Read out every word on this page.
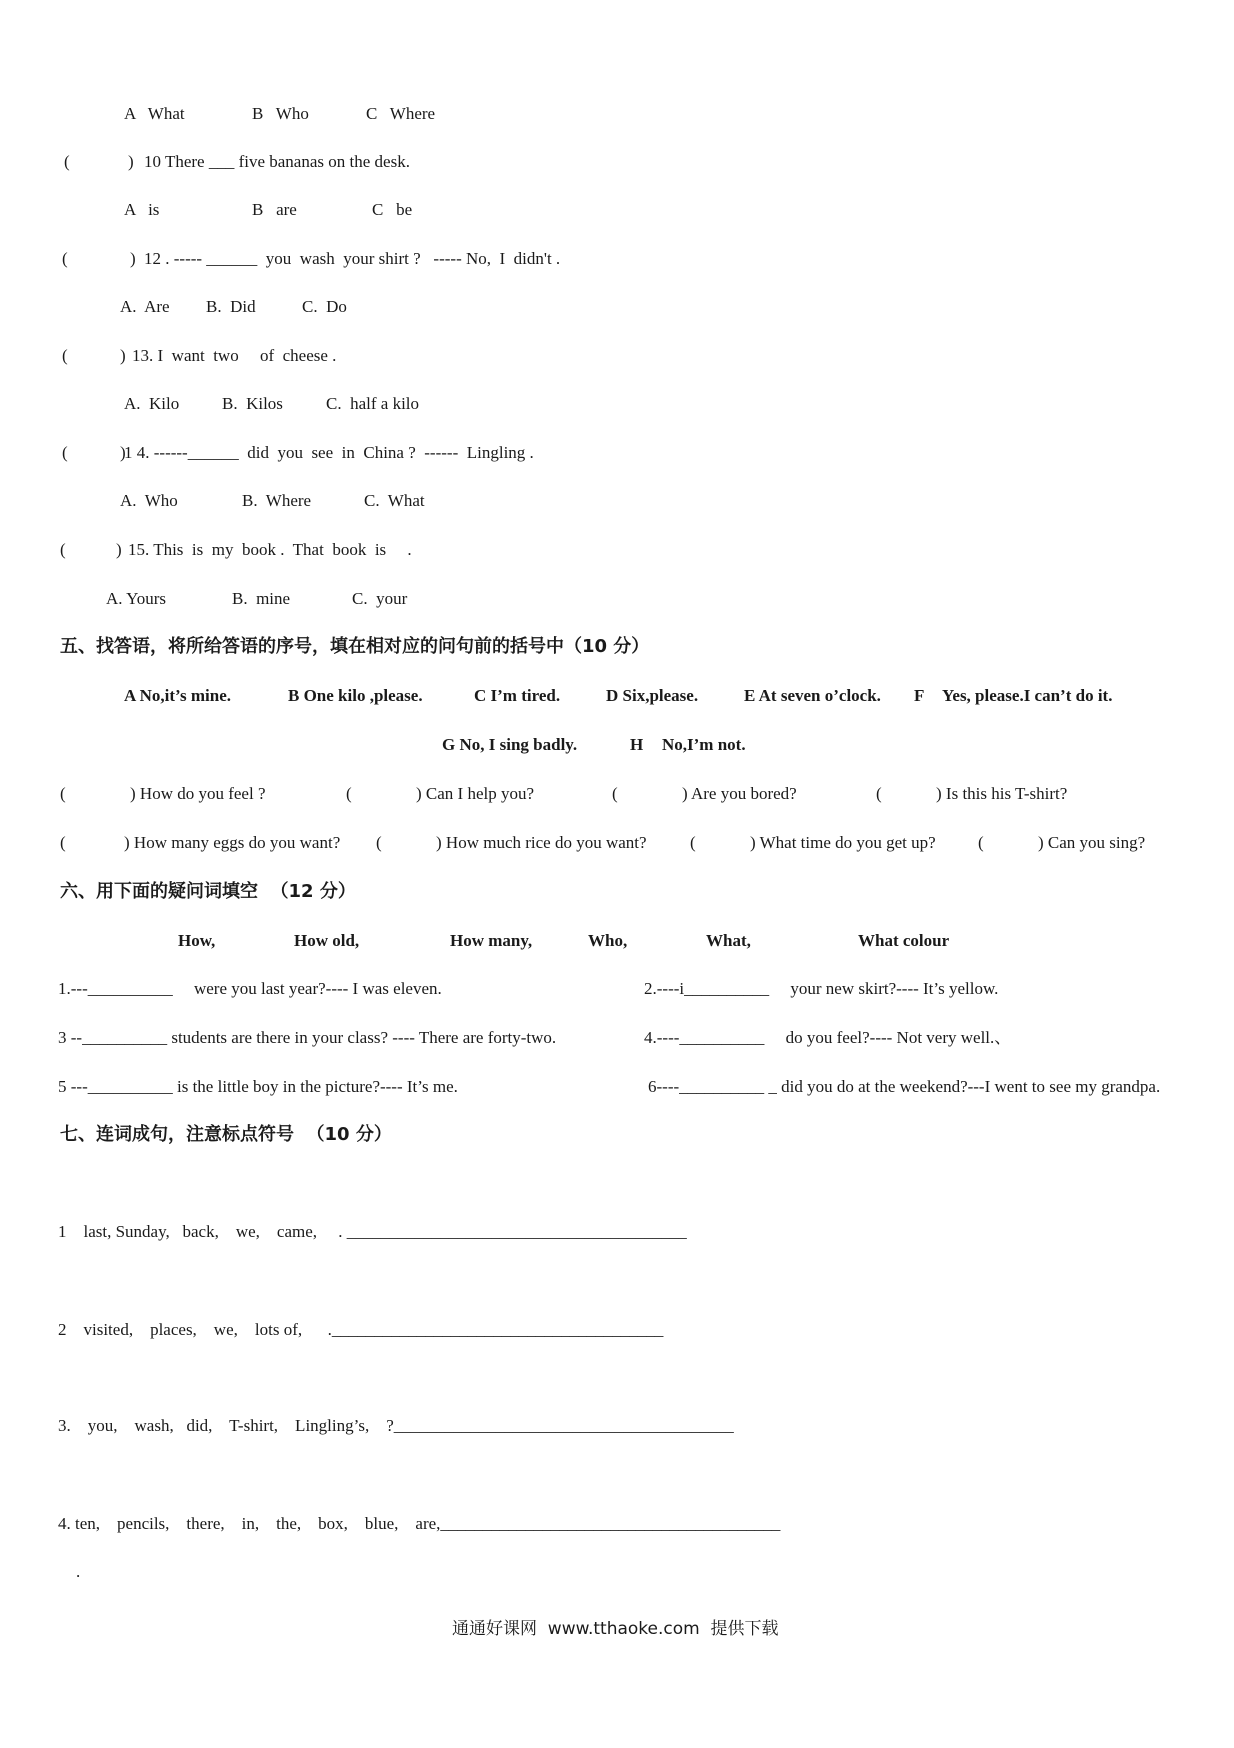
A   What	B   Who	C   Where
(	) 10 There ___ five bananas on the desk.
A   is	B   are	C   be
(	) 12 . ----- ______  you  wash  your shirt ?   ----- No,  I  didn't .
A.  Are B.  Did	C.  Do
(	) 13. I  want  two     of  cheese .
A.  Kilo	B.  Kilos	C.  half a kilo
(	)
1 4. ------______  did  you  see  in  China ?  ------  Lingling .
A.  Who	B.  Where	C.  What
(	) 15. This  is  my  book .  That  book  is     .
A. Yours	B.  mine	C.  your
五、找答语，将所给答语的序号，填在相对应的问句前的括号中（10 分）
A No,it’s mine.	B One kilo ,please.	C I’m tired.	D Six,please.	E At seven o’clock. F Yes, please.I can’t do it.
G No, I sing badly.	H No,I’m not.
(	) How do you feel ?	(	) Can I help you?	(	) Are you bored?	(	) Is this his T-shirt?
(	) How many eggs do you want? (	) How much rice do you want?	(	) What time do you get up? (	) Can you sing?
六、用下面的疑问词填空  （12 分）
How,	How old,	How many,	Who,	What,	What colour
1.---__________     were you last year?---- I was eleven.	2.----i__________     your new skirt?---- It’s yellow.
3 --__________ students are there in your class? ---- There are forty-two.	4.----__________     do you feel?---- Not very well.、
5 ---__________ is the little boy in the picture?---- It’s me.	6----__________ _ did you do at the weekend?---I went to see my grandpa.
七、连词成句，注意标点符号  （10 分）
1    last, Sunday,   back,    we,    came,     . ________________________________________
2    visited,    places,    we,    lots of,      ._______________________________________
3.    you,    wash,   did,    T-shirt,    Lingling’s,    ?________________________________________
4. ten,    pencils,    there,    in,    the,    box,    blue,    are,________________________________________
.
通通好课网  www.tthaoke.com  提供下载
